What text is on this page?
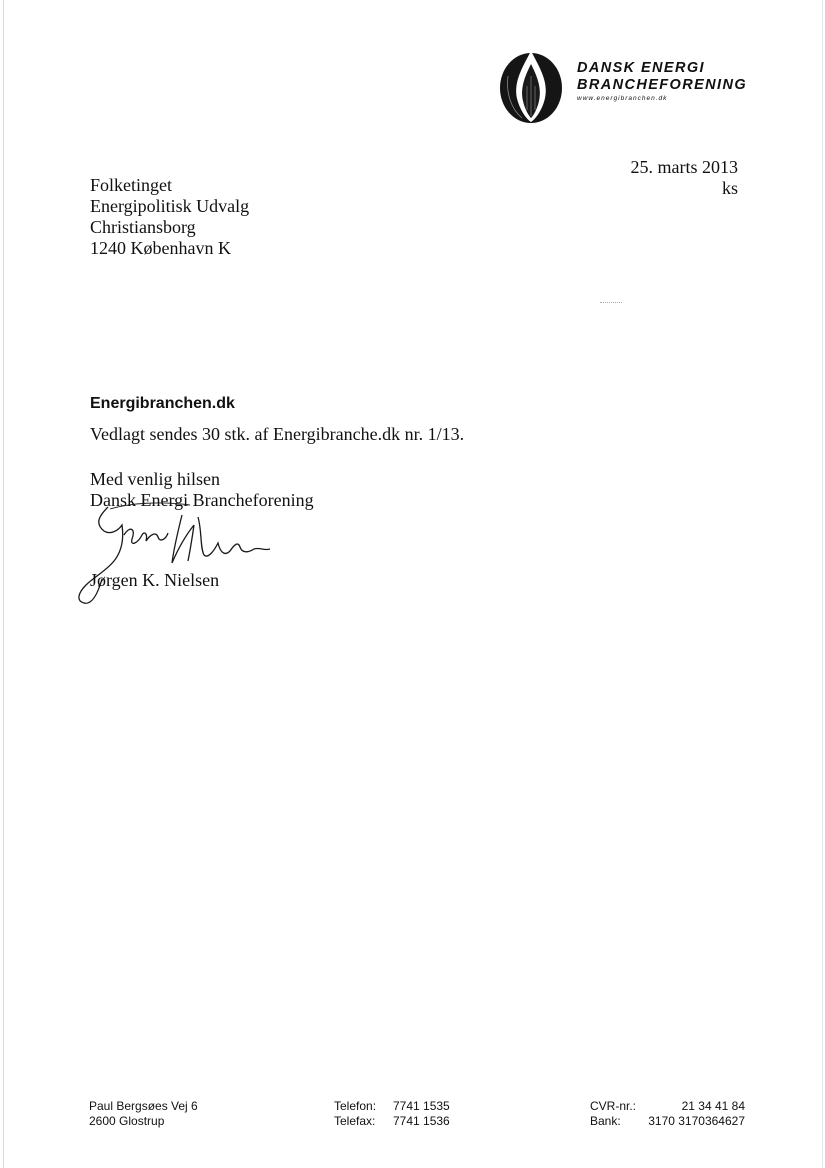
DANSK ENERGI
BRANCHEFORENING
www.energibranchen.dk
25. marts 2013
ks
Folketinget
Energipolitisk Udvalg
Christiansborg
1240 København K
Energibranchen.dk
Vedlagt sendes 30 stk. af Energibranche.dk nr. 1/13.
Med venlig hilsen
Dansk Energi Brancheforening
Jørgen K. Nielsen
Paul Bergsøes Vej 6
2600 Glostrup
Telefon: 7741 1535
Telefax: 7741 1536
CVR-nr.:	21 34 41 84
Bank: 3170 3170364627
